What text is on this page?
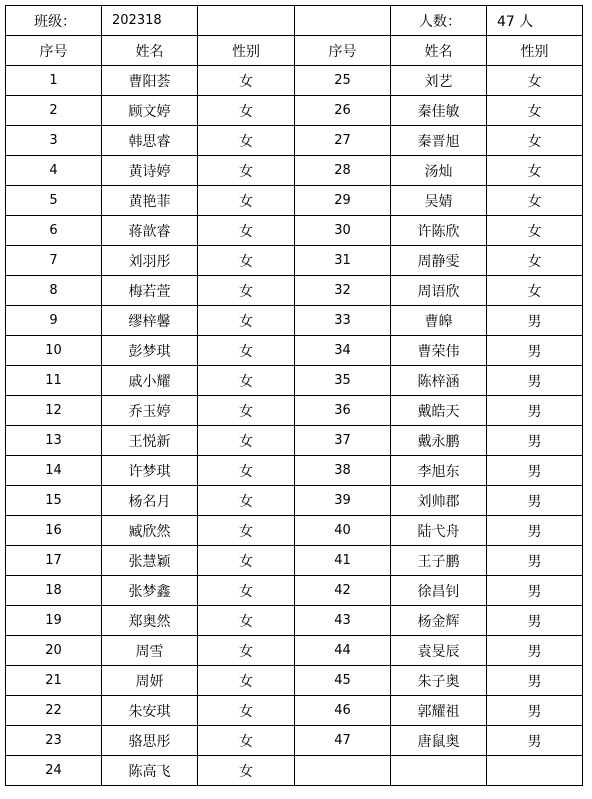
班级：	202318			人数：	47 人
序号	姓名	性别	序号	姓名	性别
1	曹阳荟	女	25	刘艺	女
2	顾文婷	女	26	秦佳敏	女
3	韩思睿	女	27	秦晋旭	女
4	黄诗婷	女	28	汤灿	女
5	黄艳菲	女	29	吴婧	女
6	蒋歆睿	女	30	许陈欣	女
7	刘羽彤	女	31	周静雯	女
8	梅若萱	女	32	周语欣	女
9	缪梓馨	女	33	曹皞	男
10	彭梦琪	女	34	曹荣伟	男
11	戚小耀	女	35	陈梓涵	男
12	乔玉婷	女	36	戴皓天	男
13	王悦新	女	37	戴永鹏	男
14	许梦琪	女	38	李旭东	男
15	杨名月	女	39	刘帅郡	男
16	臧欣然	女	40	陆弋舟	男
17	张慧颖	女	41	王子鹏	男
18	张梦鑫	女	42	徐昌钊	男
19	郑奥然	女	43	杨金辉	男
20	周雪	女	44	袁旻辰	男
21	周妍	女	45	朱子奥	男
22	朱安琪	女	46	郭耀祖	男
23	骆思彤	女	47	唐鼠奥	男
24	陈高飞	女			
